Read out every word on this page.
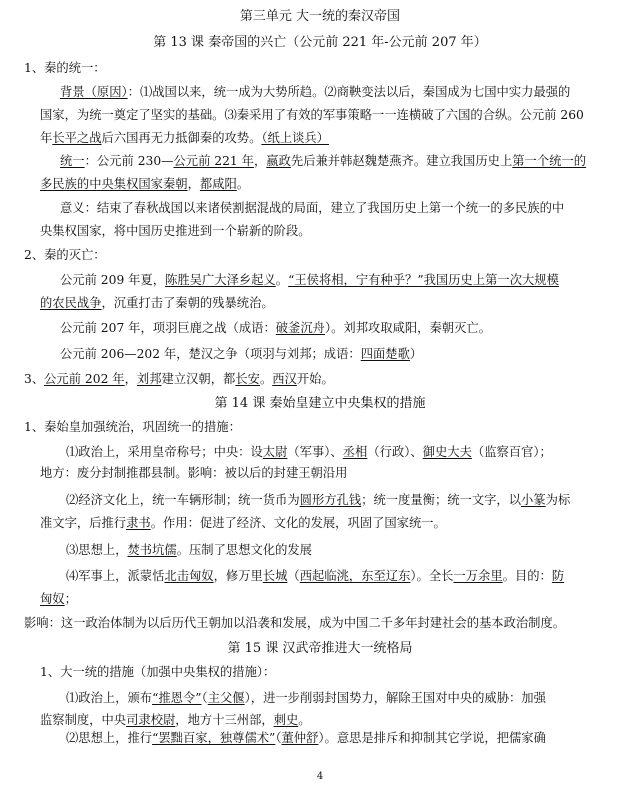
第三单元 大一统的秦汉帝国
第 13 课 秦帝国的兴亡（公元前 221 年-公元前 207 年）
1、秦的统一：
背景（原因）：⑴战国以来，统一成为大势所趋。⑵商鞅变法以后，秦国成为七国中实力最强的
国家，为统一奠定了坚实的基础。⑶秦采用了有效的军事策略一一连横破了六国的合纵。公元前 260
年长平之战后六国再无力抵御秦的攻势。（纸上谈兵）
统一：公元前 230—公元前 221 年，嬴政先后兼并韩赵魏楚燕齐。建立我国历史上第一个统一的
多民族的中央集权国家秦朝，都咸阳。
意义：结束了春秋战国以来诸侯割据混战的局面，建立了我国历史上第一个统一的多民族的中
央集权国家，将中国历史推进到一个崭新的阶段。
2、秦的灭亡：
公元前 209 年夏，陈胜吴广大泽乡起义。“王侯将相，宁有种乎？”我国历史上第一次大规模
的农民战争，沉重打击了秦朝的残暴统治。
公元前 207 年，项羽巨鹿之战（成语：破釜沉舟）。刘邦攻取咸阳，秦朝灭亡。
公元前 206—202 年，楚汉之争（项羽与刘邦；成语：四面楚歌）
3、公元前 202 年，刘邦建立汉朝，都长安。西汉开始。
第 14 课 秦始皇建立中央集权的措施
1、秦始皇加强统治，巩固统一的措施：
⑴政治上，采用皇帝称号；中央：设太尉（军事）、丞相（行政）、御史大夫（监察百官）；
地方：废分封制推郡县制。影响：被以后的封建王朝沿用
⑵经济文化上，统一车辆形制；统一货币为圆形方孔钱；统一度量衡；统一文字，以小篆为标
准文字，后推行隶书。作用：促进了经济、文化的发展，巩固了国家统一。
⑶思想上，焚书坑儒。压制了思想文化的发展
⑷军事上，派蒙恬北击匈奴，修万里长城（西起临洮，东至辽东）。全长一万余里。目的：防
匈奴；
影响：这一政治体制为以后历代王朝加以沿袭和发展，成为中国二千多年封建社会的基本政治制度。
第 15 课 汉武帝推进大一统格局
1、大一统的措施（加强中央集权的措施）：
⑴政治上，颁布“推恩令”（主父偃），进一步削弱封国势力，解除王国对中央的威胁：加强
监察制度，中央司隶校尉，地方十三州部，刺史。
⑵思想上，推行“罢黜百家，独尊儒术”（董仲舒）。意思是排斥和抑制其它学说，把儒家确
4
